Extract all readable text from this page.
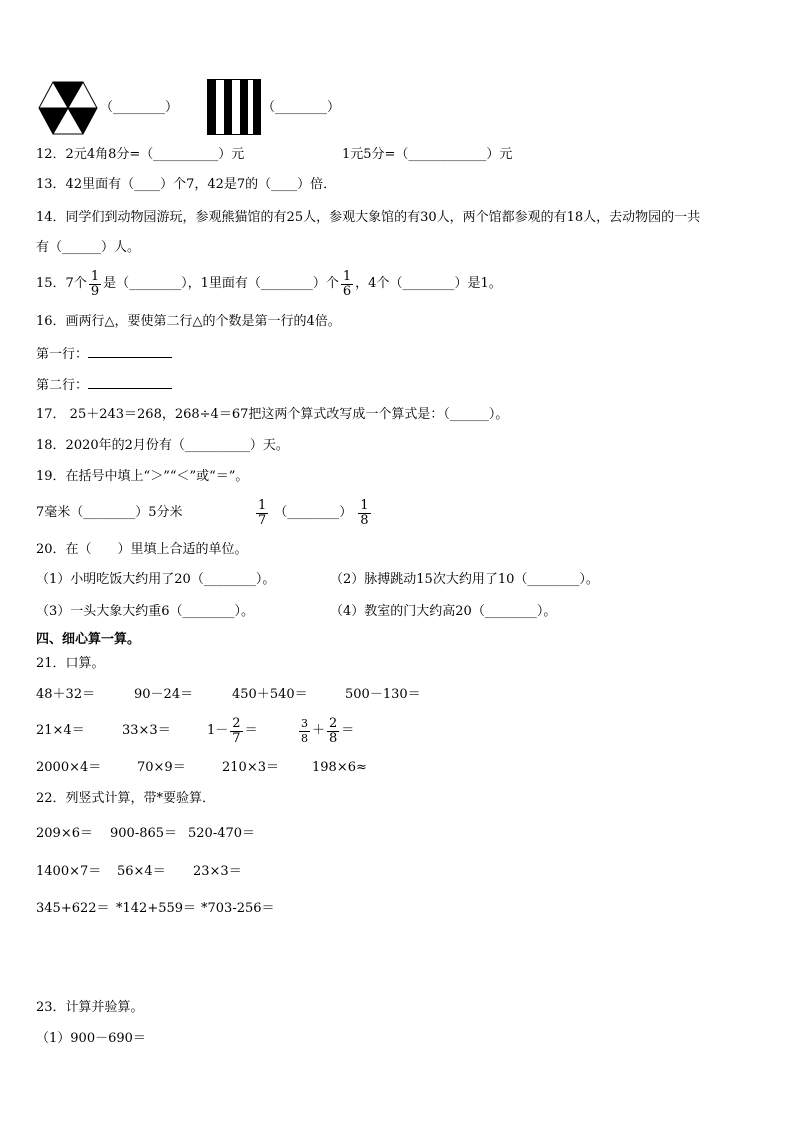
（________）	（________）
12．2元4角8分=（__________）元	1元5分=（____________）元
13．42里面有（____）个7，42是7的（____）倍．
14．同学们到动物园游玩，参观熊猫馆的有25人，参观大象馆的有30人，两个馆都参观的有18人，去动物园的一共
有（______）人。
15．7个 $\frac{1}{9}$ 是（________），1里面有（________）个 $\frac{1}{6}$ ，4个（________）是1。
16．画两行△，要使第二行△的个数是第一行的4倍。
第一行：
第二行：
17． 25＋243＝268，268÷4＝67把这两个算式改写成一个算式是：（______）。
18．2020年的2月份有（__________）天。
19．在括号中填上“＞”“＜”或“＝”。
7毫米（________）5分米	$\frac{1}{7}$ （________） $\frac{1}{8}$
20．在（　　）里填上合适的单位。
（1）小明吃饭大约用了20（________）。	（2）脉搏跳动15次大约用了10（________）。
（3）一头大象大约重6（________）。	（4）教室的门大约高20（________）。
四、细心算一算。
21．口算。
48＋32＝	90－24＝	450＋540＝	500－130＝
21×4＝	33×3＝	$1- \frac{2}{7}$ ＝	$\frac{3}{8} + \frac{2}{8}$ ＝
2000×4＝	70×9＝	210×3＝	198×6≈
22．列竖式计算，带*要验算．
209×6＝ 900-865＝ 520-470＝
1400×7＝ 56×4＝ 23×3＝
345+622＝ *142+559＝ *703-256＝
23．计算并验算。
（1）900－690＝
